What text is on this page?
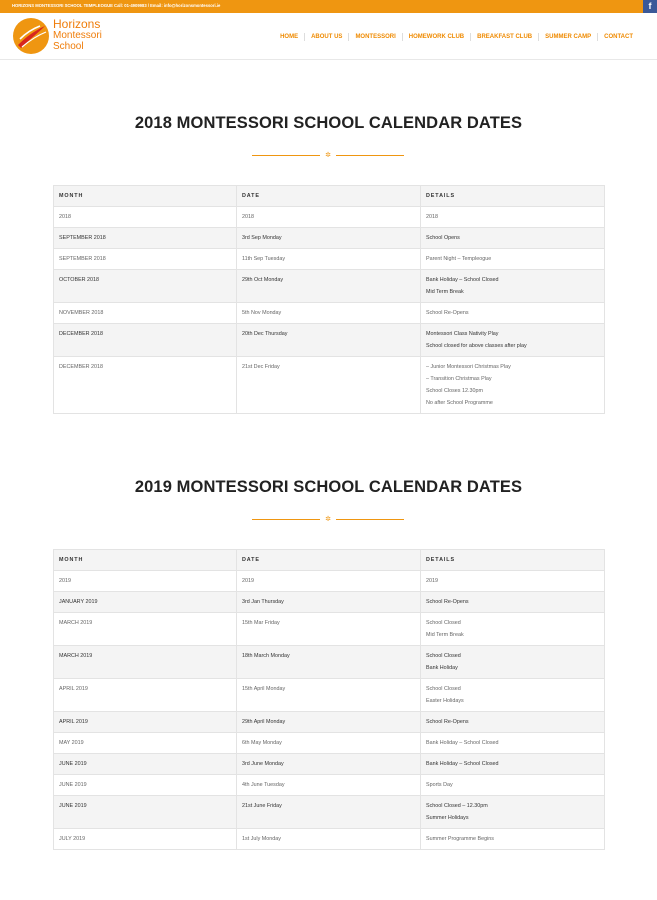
HORIZONS MONTESSORI SCHOOL TEMPLEOGUE Call: 01-4909983 / Email: info@horizonsmontessori.ie	f
Horizons
Montessori
School
HOME	ABOUT US	MONTESSORI	HOMEWORK CLUB	BREAKFAST CLUB	SUMMER CAMP	CONTACT
2018 MONTESSORI SCHOOL CALENDAR DATES
✲
MONTH	DATE	DETAILS

2018	2018	2018

SEPTEMBER 2018	3rd Sep Monday	School Opens

SEPTEMBER 2018	11th Sep Tuesday	Parent Night – Templeogue

OCTOBER 2018	29th Oct Monday	Bank Holiday – School Closed
Mid Term Break

NOVEMBER 2018	5th Nov Monday	School Re-Opens

DECEMBER 2018	20th Dec Thursday	Montessori Class Nativity Play
School closed for above classes after play

DECEMBER 2018	21st Dec Friday	– Junior Montessori Christmas Play
– Transition Christmas Play
School Closes 12.30pm
No after School Programme
2019 MONTESSORI SCHOOL CALENDAR DATES
✲
MONTH	DATE	DETAILS

2019	2019	2019

JANUARY 2019	3rd Jan Thursday	School Re-Opens

MARCH 2019	15th Mar Friday	School Closed
Mid Term Break

MARCH 2019	18th March Monday	School Closed
Bank Holiday

APRIL 2019	15th April Monday	School Closed
Easter Holidays

APRIL 2019	29th April Monday	School Re-Opens

MAY 2019	6th May Monday	Bank Holiday – School Closed

JUNE 2019	3rd June Monday	Bank Holiday – School Closed

JUNE 2019	4th June Tuesday	Sports Day

JUNE 2019	21st June Friday	School Closed – 12.30pm
Summer Holidays

JULY 2019	1st July Monday	Summer Programme Begins
